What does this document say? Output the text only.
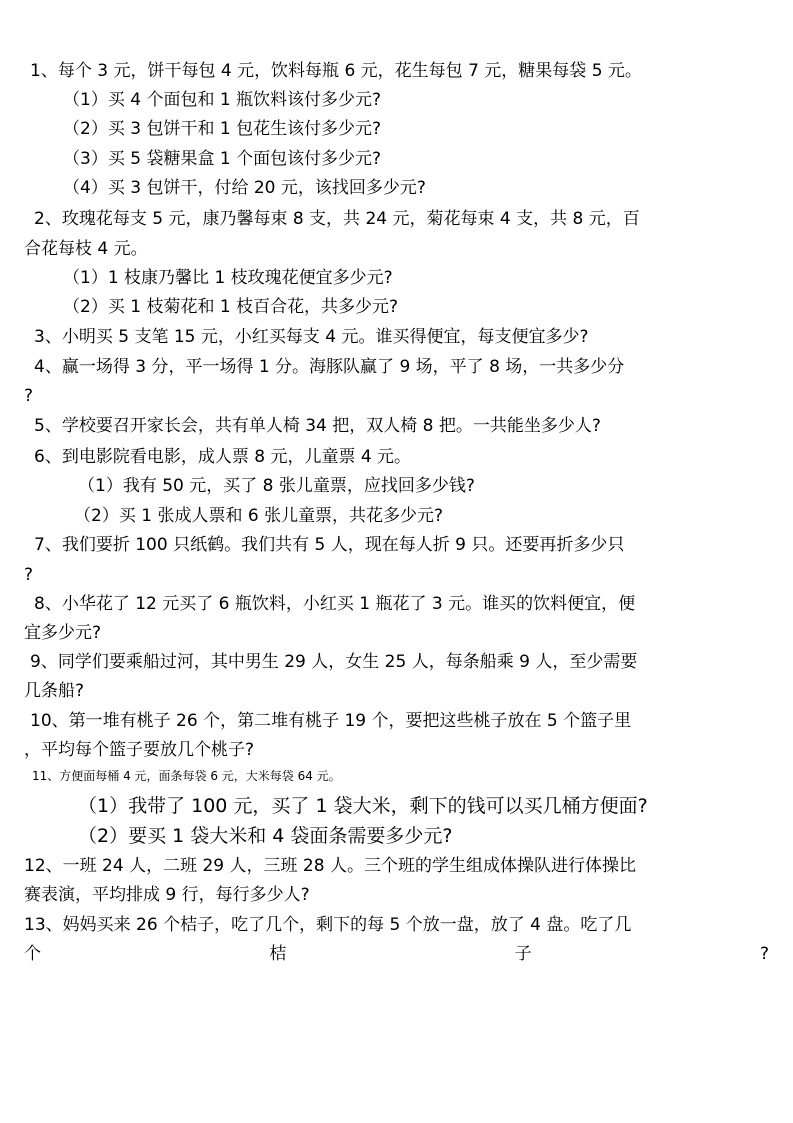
1、每个 3 元，饼干每包 4 元，饮料每瓶 6 元，花生每包 7 元，糖果每袋 5 元。
（1）买 4 个面包和 1 瓶饮料该付多少元?
（2）买 3 包饼干和 1 包花生该付多少元?
（3）买 5 袋糖果盒 1 个面包该付多少元?
（4）买 3 包饼干，付给 20 元，该找回多少元?
2、玫瑰花每支 5 元，康乃馨每束 8 支，共 24 元，菊花每束 4 支，共 8 元，百
合花每枝 4 元。
（1）1 枝康乃馨比 1 枝玫瑰花便宜多少元?
（2）买 1 枝菊花和 1 枝百合花，共多少元?
3、小明买 5 支笔 15 元，小红买每支 4 元。谁买得便宜，每支便宜多少?
4、赢一场得 3 分，平一场得 1 分。海豚队赢了 9 场，平了 8 场，一共多少分
?
5、学校要召开家长会，共有单人椅 34 把，双人椅 8 把。一共能坐多少人?
6、到电影院看电影，成人票 8 元，儿童票 4 元。
（1）我有 50 元，买了 8 张儿童票，应找回多少钱?
（2）买 1 张成人票和 6 张儿童票，共花多少元?
7、我们要折 100 只纸鹤。我们共有 5 人，现在每人折 9 只。还要再折多少只
?
8、小华花了 12 元买了 6 瓶饮料，小红买 1 瓶花了 3 元。谁买的饮料便宜，便
宜多少元?
9、同学们要乘船过河，其中男生 29 人，女生 25 人，每条船乘 9 人，至少需要
几条船?
10、第一堆有桃子 26 个，第二堆有桃子 19 个，要把这些桃子放在 5 个篮子里
，平均每个篮子要放几个桃子?
11、方便面每桶 4 元，面条每袋 6 元，大米每袋 64 元。
（1）我带了 100 元，买了 1 袋大米，剩下的钱可以买几桶方便面?
（2）要买 1 袋大米和 4 袋面条需要多少元?
12、一班 24 人，二班 29 人，三班 28 人。三个班的学生组成体操队进行体操比
赛表演，平均排成 9 行，每行多少人?
13、妈妈买来 26 个桔子，吃了几个，剩下的每 5 个放一盘，放了 4 盘。吃了几
个	桔	子	?
